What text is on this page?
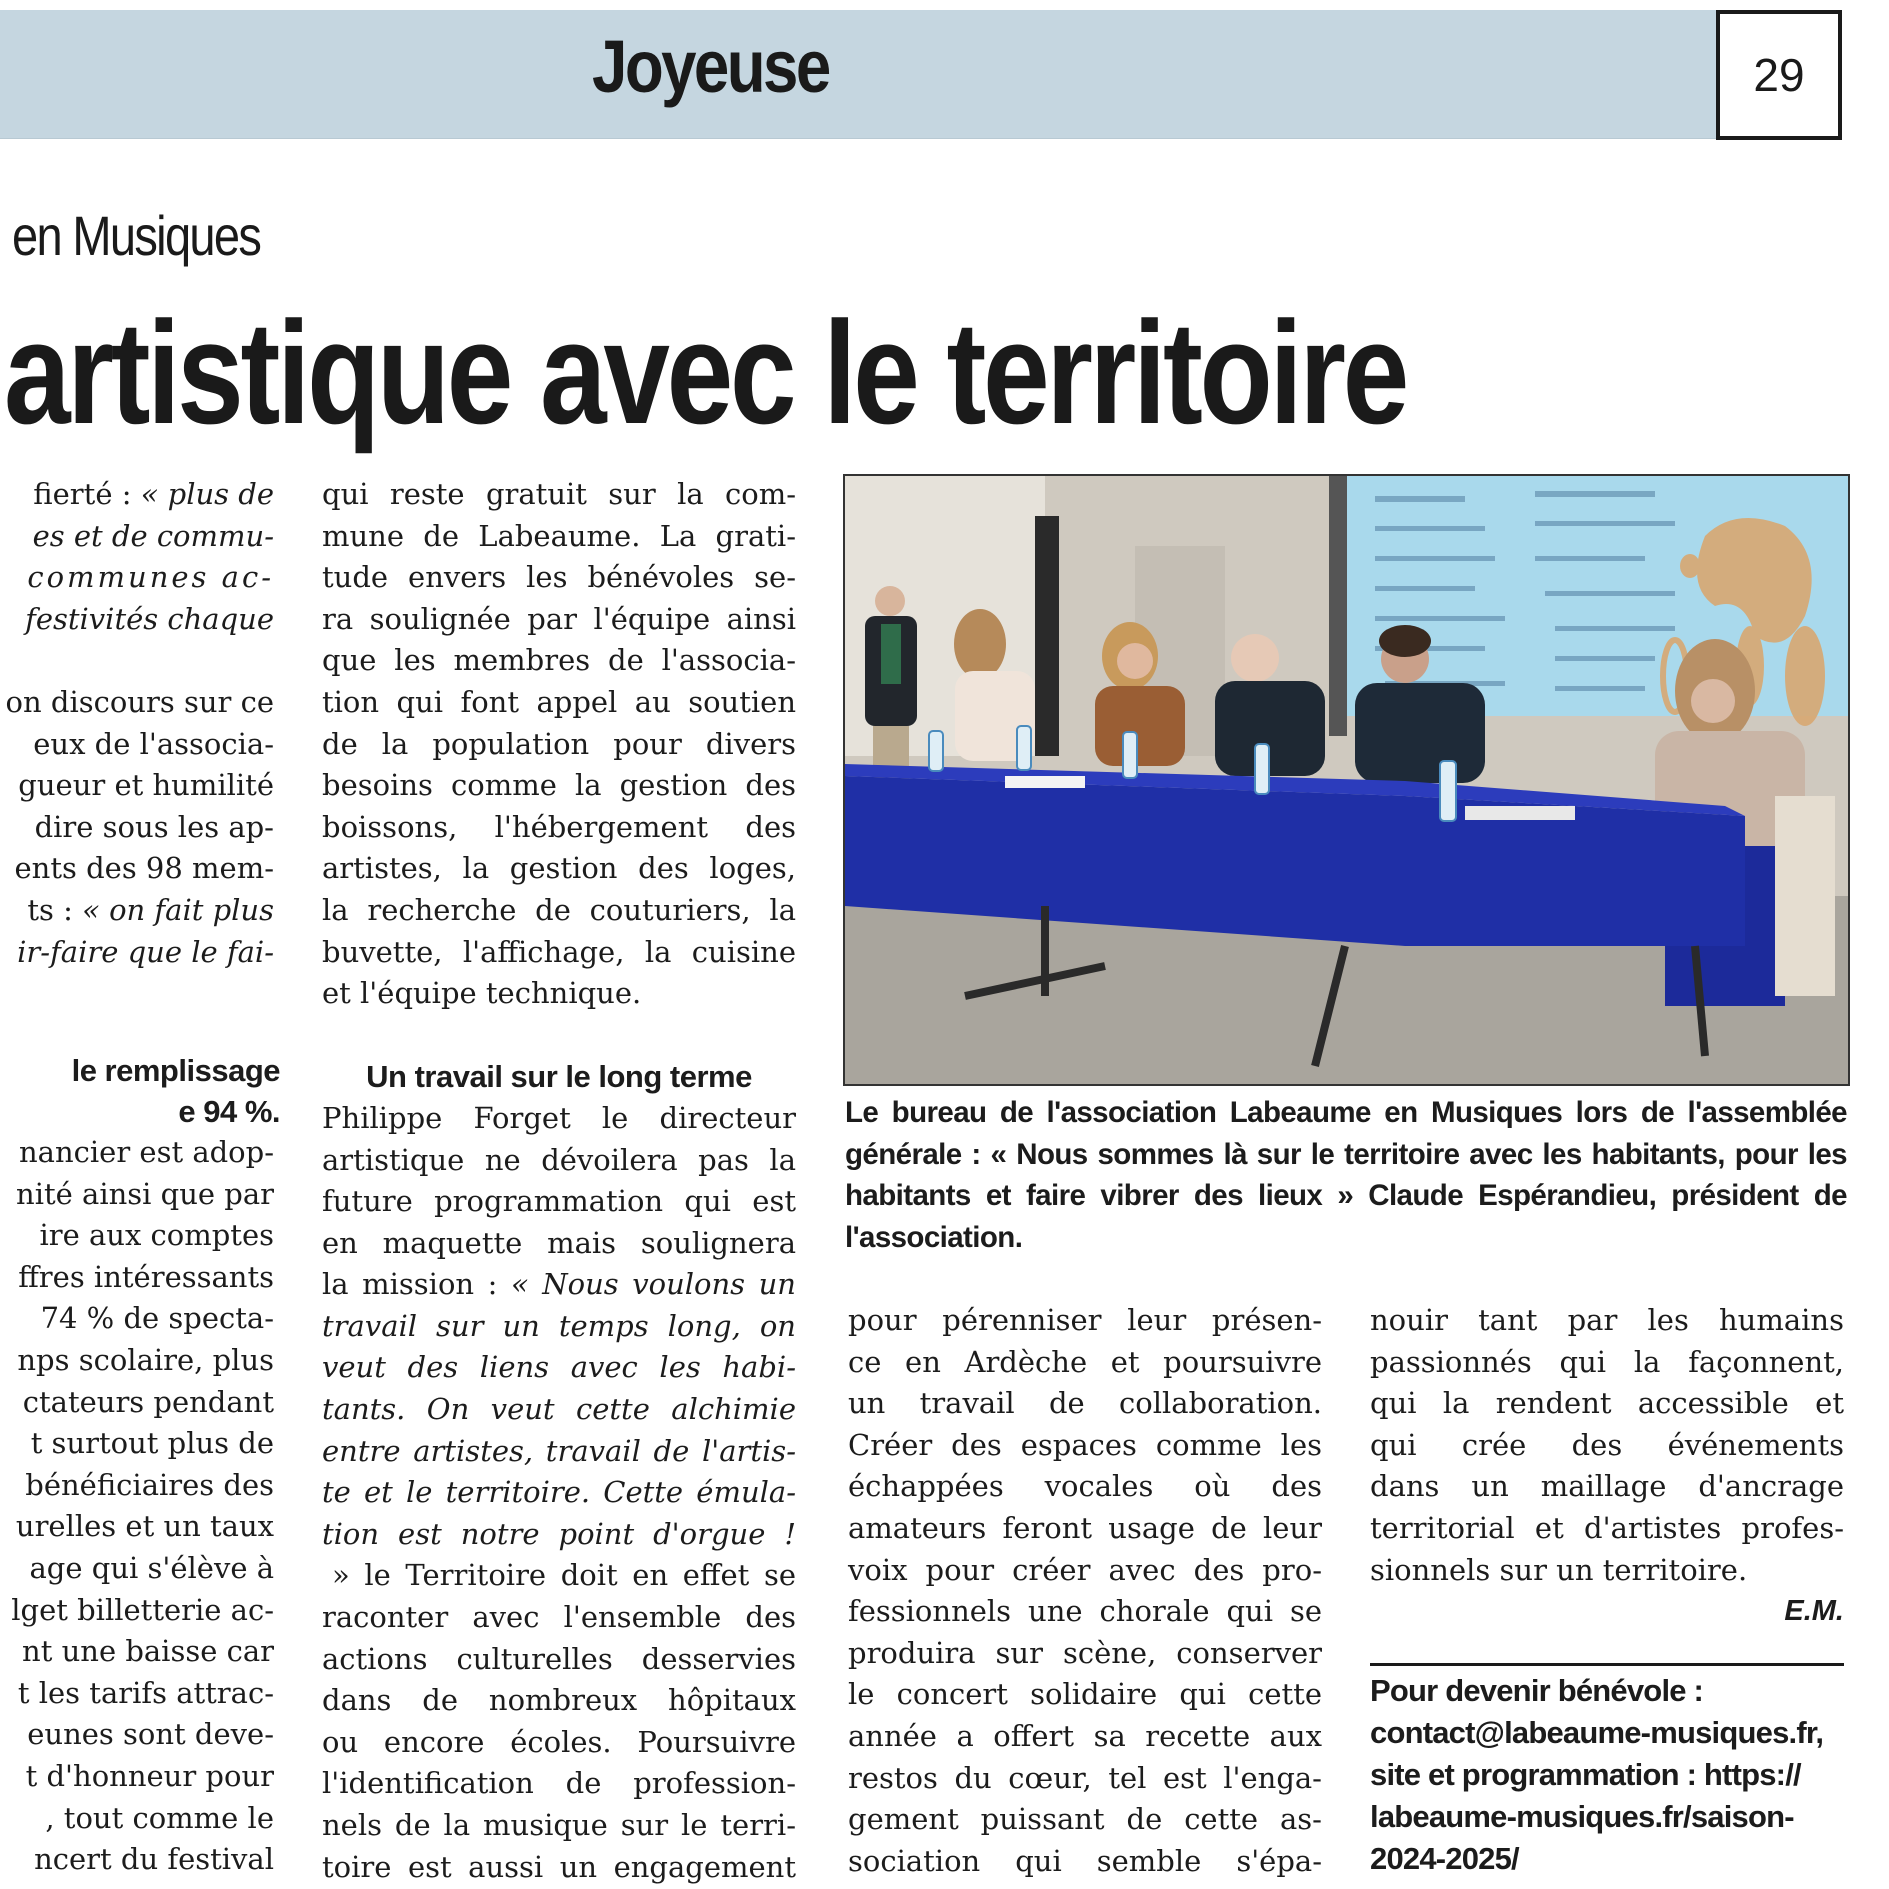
Joyeuse	29
en Musiques
artistique avec le territoire
fierté : « plus de
es et de commu-
communes ac-
festivités chaque
on discours sur ce
eux de l'associa-
gueur et humilité
dire sous les ap-
ents des 98 mem-
ts : « on fait plus
ir-faire que le fai-
le remplissage
e 94 %.
nancier est adop-
nité ainsi que par
ire aux comptes
ffres intéressants
74 % de specta-
nps scolaire, plus
ctateurs pendant
t surtout plus de
bénéficiaires des
urelles et un taux
age qui s'élève à
lget billetterie ac-
nt une baisse car
t les tarifs attrac-
eunes sont deve-
t d'honneur pour
, tout comme le
ncert du festival
qui reste gratuit sur la com-
mune de Labeaume. La grati-
tude envers les bénévoles se-
ra soulignée par l'équipe ainsi
que les membres de l'associa-
tion qui font appel au soutien
de la population pour divers
besoins comme la gestion des
boissons, l'hébergement des
artistes, la gestion des loges,
la recherche de couturiers, la
buvette, l'affichage, la cuisine
et l'équipe technique.
Un travail sur le long terme
Philippe Forget le directeur
artistique ne dévoilera pas la
future programmation qui est
en maquette mais soulignera
la mission : « Nous voulons un
travail sur un temps long, on
veut des liens avec les habi-
tants. On veut cette alchimie
entre artistes, travail de l'artis-
te et le territoire. Cette émula-
tion est notre point d'orgue !
» le Territoire doit en effet se
raconter avec l'ensemble des
actions culturelles desservies
dans de nombreux hôpitaux
ou encore écoles. Poursuivre
l'identification de profession-
nels de la musique sur le terri-
toire est aussi un engagement
Le bureau de l'association Labeaume en Musiques lors de l'assemblée
générale : « Nous sommes là sur le territoire avec les habitants, pour les
habitants et faire vibrer des lieux » Claude Espérandieu, président de
l'association.
pour pérenniser leur présen-
ce en Ardèche et poursuivre
un travail de collaboration.
Créer des espaces comme les
échappées vocales où des
amateurs feront usage de leur
voix pour créer avec des pro-
fessionnels une chorale qui se
produira sur scène, conserver
le concert solidaire qui cette
année a offert sa recette aux
restos du cœur, tel est l'enga-
gement puissant de cette as-
sociation qui semble s'épa-
nouir tant par les humains
passionnés qui la façonnent,
qui la rendent accessible et
qui crée des événements
dans un maillage d'ancrage
territorial et d'artistes profes-
sionnels sur un territoire.
E.M.
Pour devenir bénévole :
contact@labeaume-musiques.fr,
site et programmation : https://
labeaume-musiques.fr/saison-
2024-2025/
